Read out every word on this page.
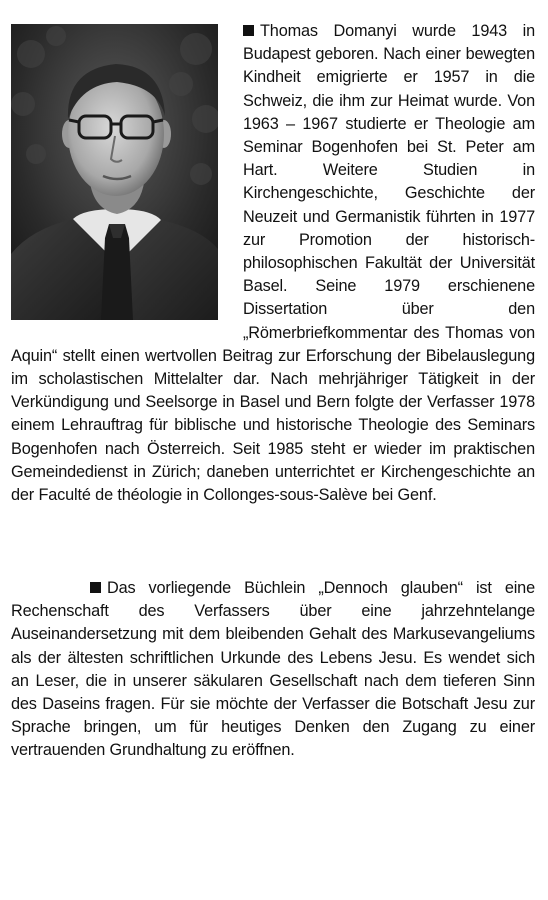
Thomas Domanyi wurde 1943 in Budapest geboren. Nach einer bewegten Kindheit emigrierte er 1957 in die Schweiz, die ihm zur Heimat wurde. Von 1963 – 1967 studierte er Theologie am Seminar Bogenhofen bei St. Peter am Hart. Weitere Studien in Kirchengeschichte, Geschichte der Neuzeit und Germanistik führten in 1977 zur Promotion der historisch-philosophischen Fakultät der Universität Basel. Seine 1979 erschienene Dissertation über den „Römerbriefkommentar des Thomas von Aquin“ stellt einen wertvollen Beitrag zur Erforschung der Bibelauslegung im scholastischen Mittelalter dar. Nach mehrjähriger Tätigkeit in der Verkündigung und Seelsorge in Basel und Bern folgte der Verfasser 1978 einem Lehrauftrag für biblische und historische Theologie des Seminars Bogenhofen nach Österreich. Seit 1985 steht er wieder im praktischen Gemeindedienst in Zürich; daneben unterrichtet er Kirchengeschichte an der Faculté de théologie in Collonges-sous-Salève bei Genf.

Das vorliegende Büchlein „Dennoch glauben“ ist eine Rechenschaft des Verfassers über eine jahrzehntelange Auseinandersetzung mit dem bleibenden Gehalt des Markusevangeliums als der ältesten schriftlichen Urkunde des Lebens Jesu. Es wendet sich an Leser, die in unserer säkularen Gesellschaft nach dem tieferen Sinn des Daseins fragen. Für sie möchte der Verfasser die Botschaft Jesu zur Sprache bringen, um für heutiges Denken den Zugang zu einer vertrauenden Grundhaltung zu eröffnen.
